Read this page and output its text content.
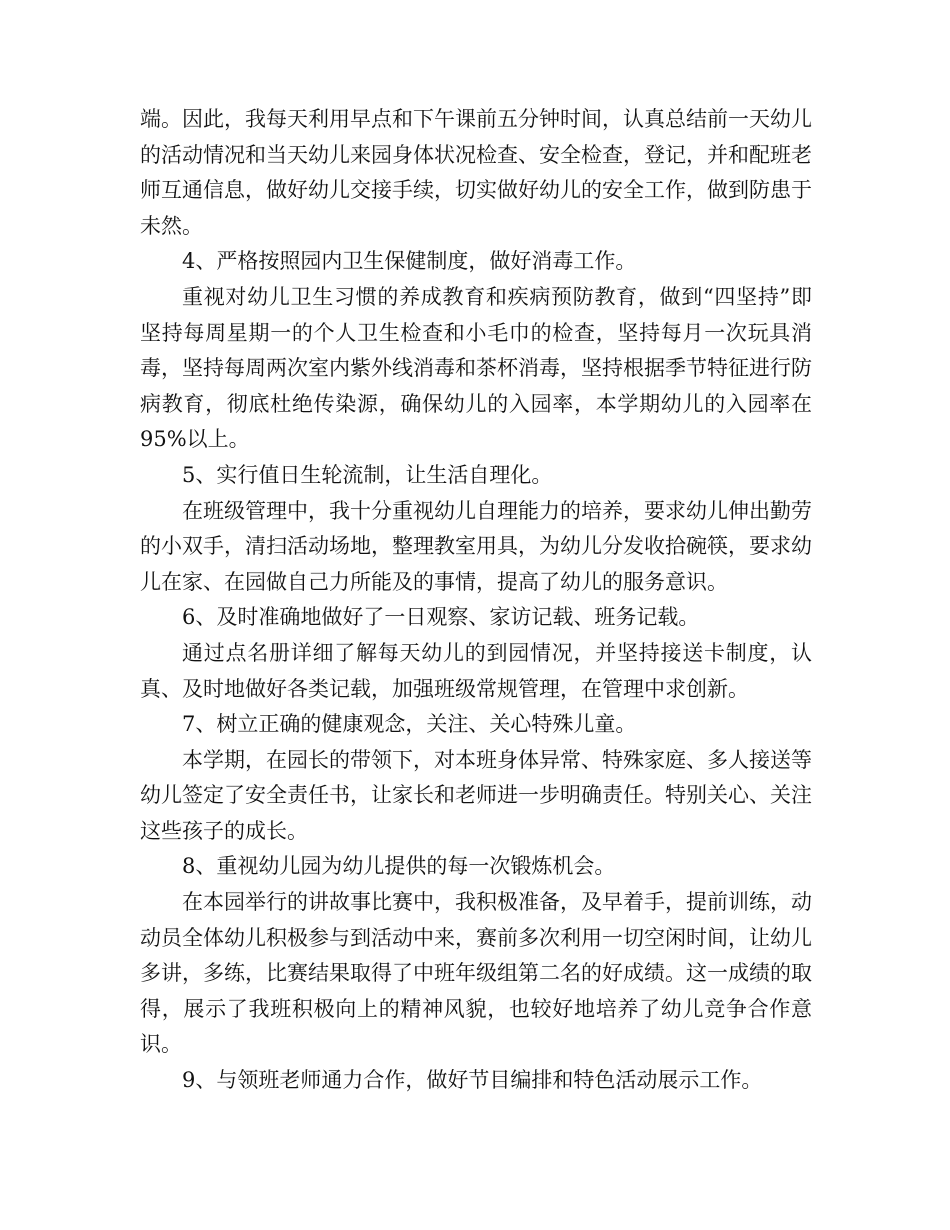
端。因此，我每天利用早点和下午课前五分钟时间，认真总结前一天幼儿的活动情况和当天幼儿来园身体状况检查、安全检查，登记，并和配班老师互通信息，做好幼儿交接手续，切实做好幼儿的安全工作，做到防患于未然。

4、严格按照园内卫生保健制度，做好消毒工作。

重视对幼儿卫生习惯的养成教育和疾病预防教育，做到“四坚持”即坚持每周星期一的个人卫生检查和小毛巾的检查，坚持每月一次玩具消毒，坚持每周两次室内紫外线消毒和茶杯消毒，坚持根据季节特征进行防病教育，彻底杜绝传染源，确保幼儿的入园率，本学期幼儿的入园率在95%以上。

5、实行值日生轮流制，让生活自理化。

在班级管理中，我十分重视幼儿自理能力的培养，要求幼儿伸出勤劳的小双手，清扫活动场地，整理教室用具，为幼儿分发收拾碗筷，要求幼儿在家、在园做自己力所能及的事情，提高了幼儿的服务意识。

6、及时准确地做好了一日观察、家访记载、班务记载。

通过点名册详细了解每天幼儿的到园情况，并坚持接送卡制度，认真、及时地做好各类记载，加强班级常规管理，在管理中求创新。

7、树立正确的健康观念，关注、关心特殊儿童。

本学期，在园长的带领下，对本班身体异常、特殊家庭、多人接送等幼儿签定了安全责任书，让家长和老师进一步明确责任。特别关心、关注这些孩子的成长。

8、重视幼儿园为幼儿提供的每一次锻炼机会。

在本园举行的讲故事比赛中，我积极准备，及早着手，提前训练，动动员全体幼儿积极参与到活动中来，赛前多次利用一切空闲时间，让幼儿多讲，多练，比赛结果取得了中班年级组第二名的好成绩。这一成绩的取得，展示了我班积极向上的精神风貌，也较好地培养了幼儿竞争合作意识。

9、与领班老师通力合作，做好节目编排和特色活动展示工作。
